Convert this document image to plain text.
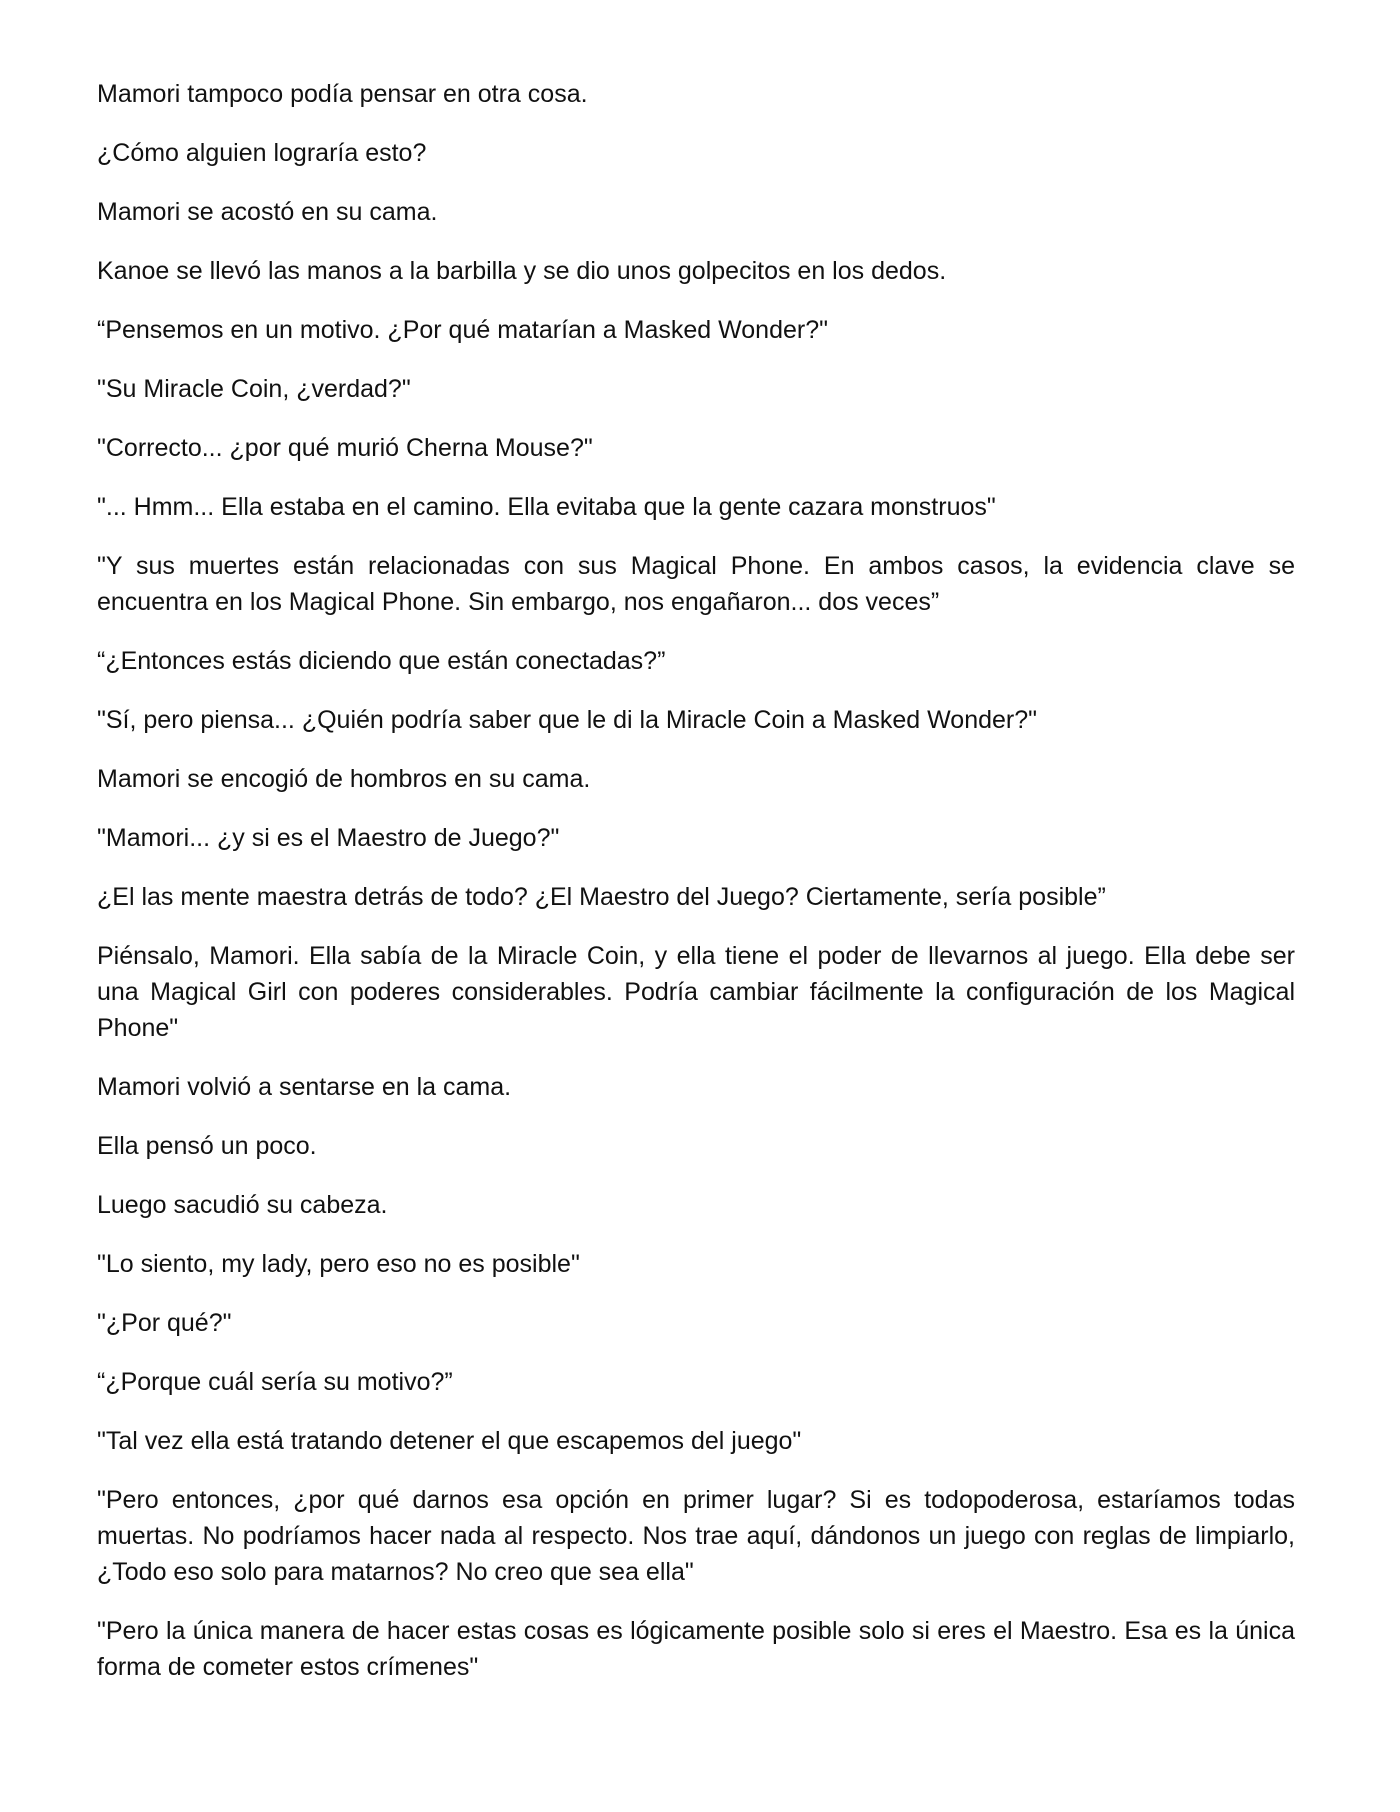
Mamori tampoco podía pensar en otra cosa.

¿Cómo alguien lograría esto?

Mamori se acostó en su cama.

Kanoe se llevó las manos a la barbilla y se dio unos golpecitos en los dedos.

“Pensemos en un motivo. ¿Por qué matarían a Masked Wonder?"

"Su Miracle Coin, ¿verdad?"

"Correcto... ¿por qué murió Cherna Mouse?"

"... Hmm... Ella estaba en el camino. Ella evitaba que la gente cazara monstruos"

"Y sus muertes están relacionadas con sus Magical Phone. En ambos casos, la evidencia clave se encuentra en los Magical Phone. Sin embargo, nos engañaron... dos veces”

“¿Entonces estás diciendo que están conectadas?”

"Sí, pero piensa... ¿Quién podría saber que le di la Miracle Coin a Masked Wonder?"

Mamori se encogió de hombros en su cama.

"Mamori... ¿y si es el Maestro de Juego?"

¿El las mente maestra detrás de todo? ¿El Maestro del Juego? Ciertamente, sería posible”

Piénsalo, Mamori. Ella sabía de la Miracle Coin, y ella tiene el poder de llevarnos al juego. Ella debe ser una Magical Girl con poderes considerables. Podría cambiar fácilmente la configuración de los Magical Phone"

Mamori volvió a sentarse en la cama.

Ella pensó un poco.

Luego sacudió su cabeza.

"Lo siento, my lady, pero eso no es posible"

"¿Por qué?"

“¿Porque cuál sería su motivo?”

"Tal vez ella está tratando detener el que escapemos del juego"

"Pero entonces, ¿por qué darnos esa opción en primer lugar? Si es todopoderosa, estaríamos todas muertas. No podríamos hacer nada al respecto. Nos trae aquí, dándonos un juego con reglas de limpiarlo, ¿Todo eso solo para matarnos? No creo que sea ella"

"Pero la única manera de hacer estas cosas es lógicamente posible solo si eres el Maestro. Esa es la única forma de cometer estos crímenes"
